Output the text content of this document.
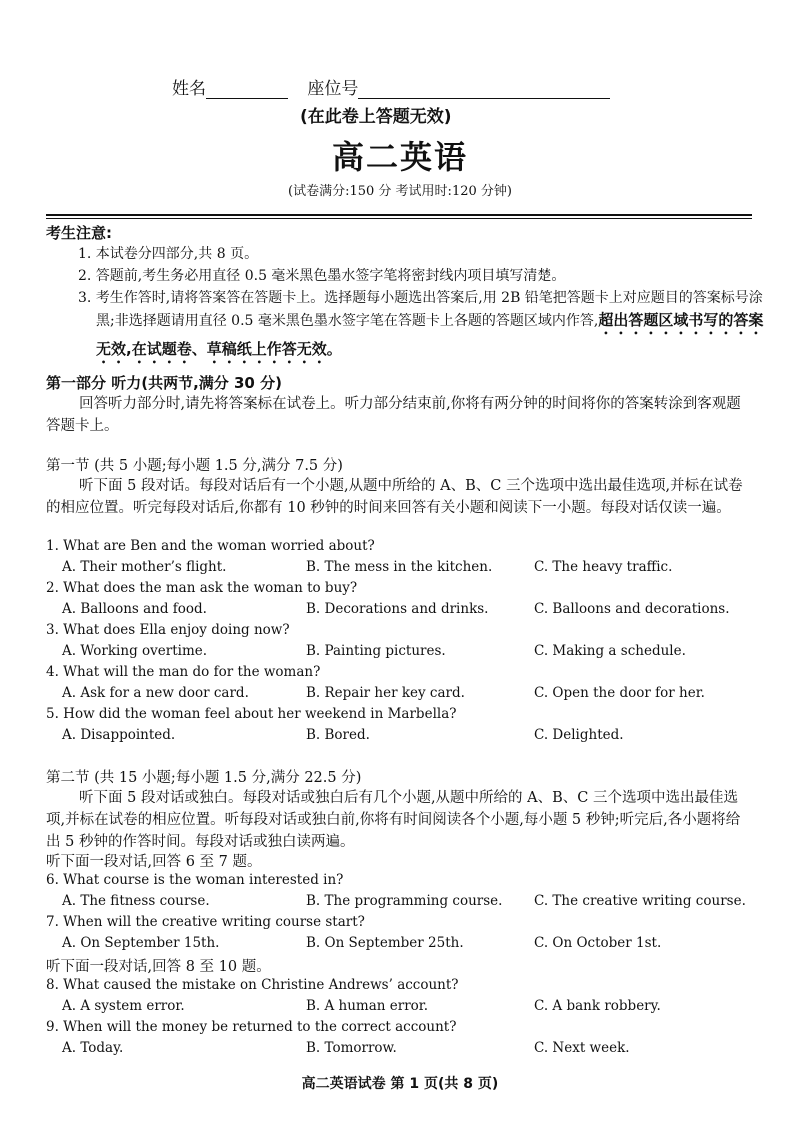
姓名	座位号
(在此卷上答题无效)
高二英语
(试卷满分:150 分 考试用时:120 分钟)
考生注意:
1. 本试卷分四部分,共 8 页。
2. 答题前,考生务必用直径 0.5 毫米黑色墨水签字笔将密封线内项目填写清楚。
3. 考生作答时,请将答案答在答题卡上。选择题每小题选出答案后,用 2B 铅笔把答题卡上对应题目的答案标号涂黑;非选择题请用直径 0.5 毫米黑色墨水签字笔在答题卡上各题的答题区域内作答,超出答题区域书写的答案无效,在试题卷、草稿纸上作答无效。
第一部分 听力(共两节,满分 30 分)
回答听力部分时,请先将答案标在试卷上。听力部分结束前,你将有两分钟的时间将你的答案转涂到客观题答题卡上。
第一节 (共 5 小题;每小题 1.5 分,满分 7.5 分)
听下面 5 段对话。每段对话后有一个小题,从题中所给的 A、B、C 三个选项中选出最佳选项,并标在试卷的相应位置。听完每段对话后,你都有 10 秒钟的时间来回答有关小题和阅读下一小题。每段对话仅读一遍。
1. What are Ben and the woman worried about?
A. Their mother’s flight.	B. The mess in the kitchen.	C. The heavy traffic.
2. What does the man ask the woman to buy?
A. Balloons and food.	B. Decorations and drinks.	C. Balloons and decorations.
3. What does Ella enjoy doing now?
A. Working overtime.	B. Painting pictures.	C. Making a schedule.
4. What will the man do for the woman?
A. Ask for a new door card.	B. Repair her key card.	C. Open the door for her.
5. How did the woman feel about her weekend in Marbella?
A. Disappointed.	B. Bored.	C. Delighted.
第二节 (共 15 小题;每小题 1.5 分,满分 22.5 分)
听下面 5 段对话或独白。每段对话或独白后有几个小题,从题中所给的 A、B、C 三个选项中选出最佳选项,并标在试卷的相应位置。听每段对话或独白前,你将有时间阅读各个小题,每小题 5 秒钟;听完后,各小题将给出 5 秒钟的作答时间。每段对话或独白读两遍。
听下面一段对话,回答 6 至 7 题。
6. What course is the woman interested in?
A. The fitness course.	B. The programming course. C. The creative writing course.
7. When will the creative writing course start?
A. On September 15th.	B. On September 25th.	C. On October 1st.
听下面一段对话,回答 8 至 10 题。
8. What caused the mistake on Christine Andrews’ account?
A. A system error.	B. A human error.	C. A bank robbery.
9. When will the money be returned to the correct account?
A. Today.	B. Tomorrow.	C. Next week.
高二英语试卷 第 1 页(共 8 页)
